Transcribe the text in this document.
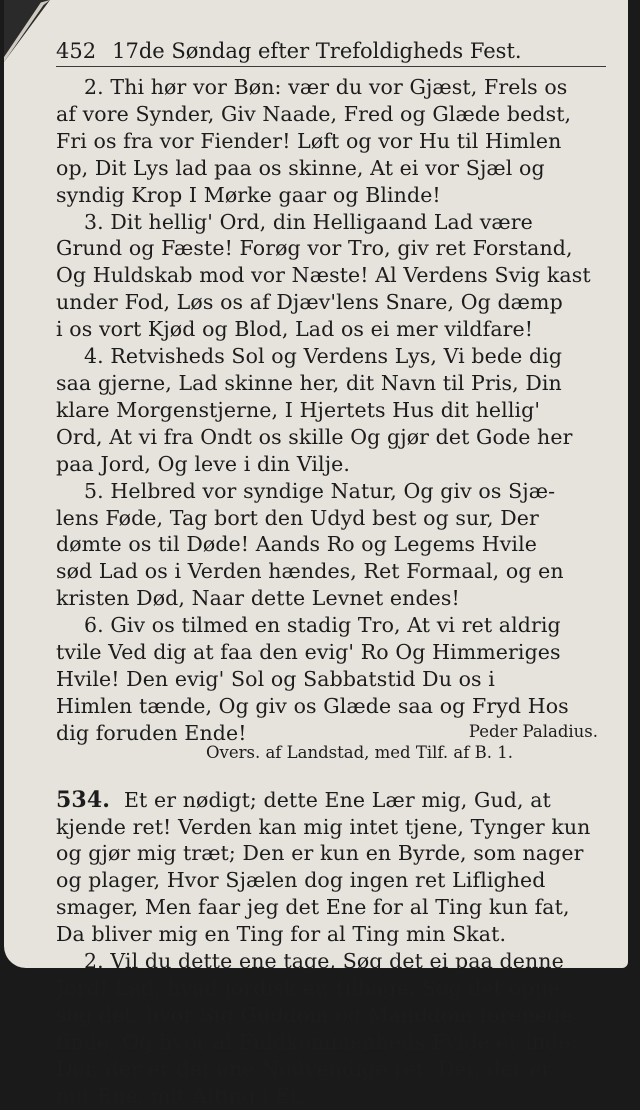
452 17de Søndag efter Trefoldigheds Fest.
2. Thi hør vor Bøn: vær du vor Gjæst, Frels os
af vore Synder, Giv Naade, Fred og Glæde bedst,
Fri os fra vor Fiender! Løft og vor Hu til Himlen
op, Dit Lys lad paa os skinne, At ei vor Sjæl og
syndig Krop I Mørke gaar og Blinde!
3. Dit hellig' Ord, din Helligaand Lad være
Grund og Fæste! Forøg vor Tro, giv ret Forstand,
Og Huldskab mod vor Næste! Al Verdens Svig kast
under Fod, Løs os af Djæv'lens Snare, Og dæmp
i os vort Kjød og Blod, Lad os ei mer vildfare!
4. Retvisheds Sol og Verdens Lys, Vi bede dig
saa gjerne, Lad skinne her, dit Navn til Pris, Din
klare Morgenstjerne, I Hjertets Hus dit hellig'
Ord, At vi fra Ondt os skille Og gjør det Gode her
paa Jord, Og leve i din Vilje.
5. Helbred vor syndige Natur, Og giv os Sjæ-
lens Føde, Tag bort den Udyd best og sur, Der
dømte os til Døde! Aands Ro og Legems Hvile
sød Lad os i Verden hændes, Ret Formaal, og en
kristen Død, Naar dette Levnet endes!
6. Giv os tilmed en stadig Tro, At vi ret aldrig
tvile Ved dig at faa den evig' Ro Og Himmeriges
Hvile! Den evig' Sol og Sabbatstid Du os i
Himlen tænde, Og giv os Glæde saa og Fryd Hos
dig foruden Ende!	Peder Paladius.
Overs. af Landstad, med Tilf. af B. 1.
534. Et er nødigt; dette Ene Lær mig, Gud, at
kjende ret! Verden kan mig intet tjene, Tynger kun
og gjør mig træt; Den er kun en Byrde, som nager
og plager, Hvor Sjælen dog ingen ret Liflighed
smager, Men faar jeg det Ene for al Ting kun fat,
Da bliver mig en Ting for al Ting min Skat.
2. Vil du dette ene tage, Søg det ei paa denne
Jord! Lad, hvad jordisk er, tilbage, Søg det oppe,
søg det, hvor Sig Guddom og Manddom forenede
finde, Og hvor al Fuldkommenheds Fylde er inde;
Der, der er det ene Nødvendige ret, Der, der er
mit Ene, mit Alting i Et.
